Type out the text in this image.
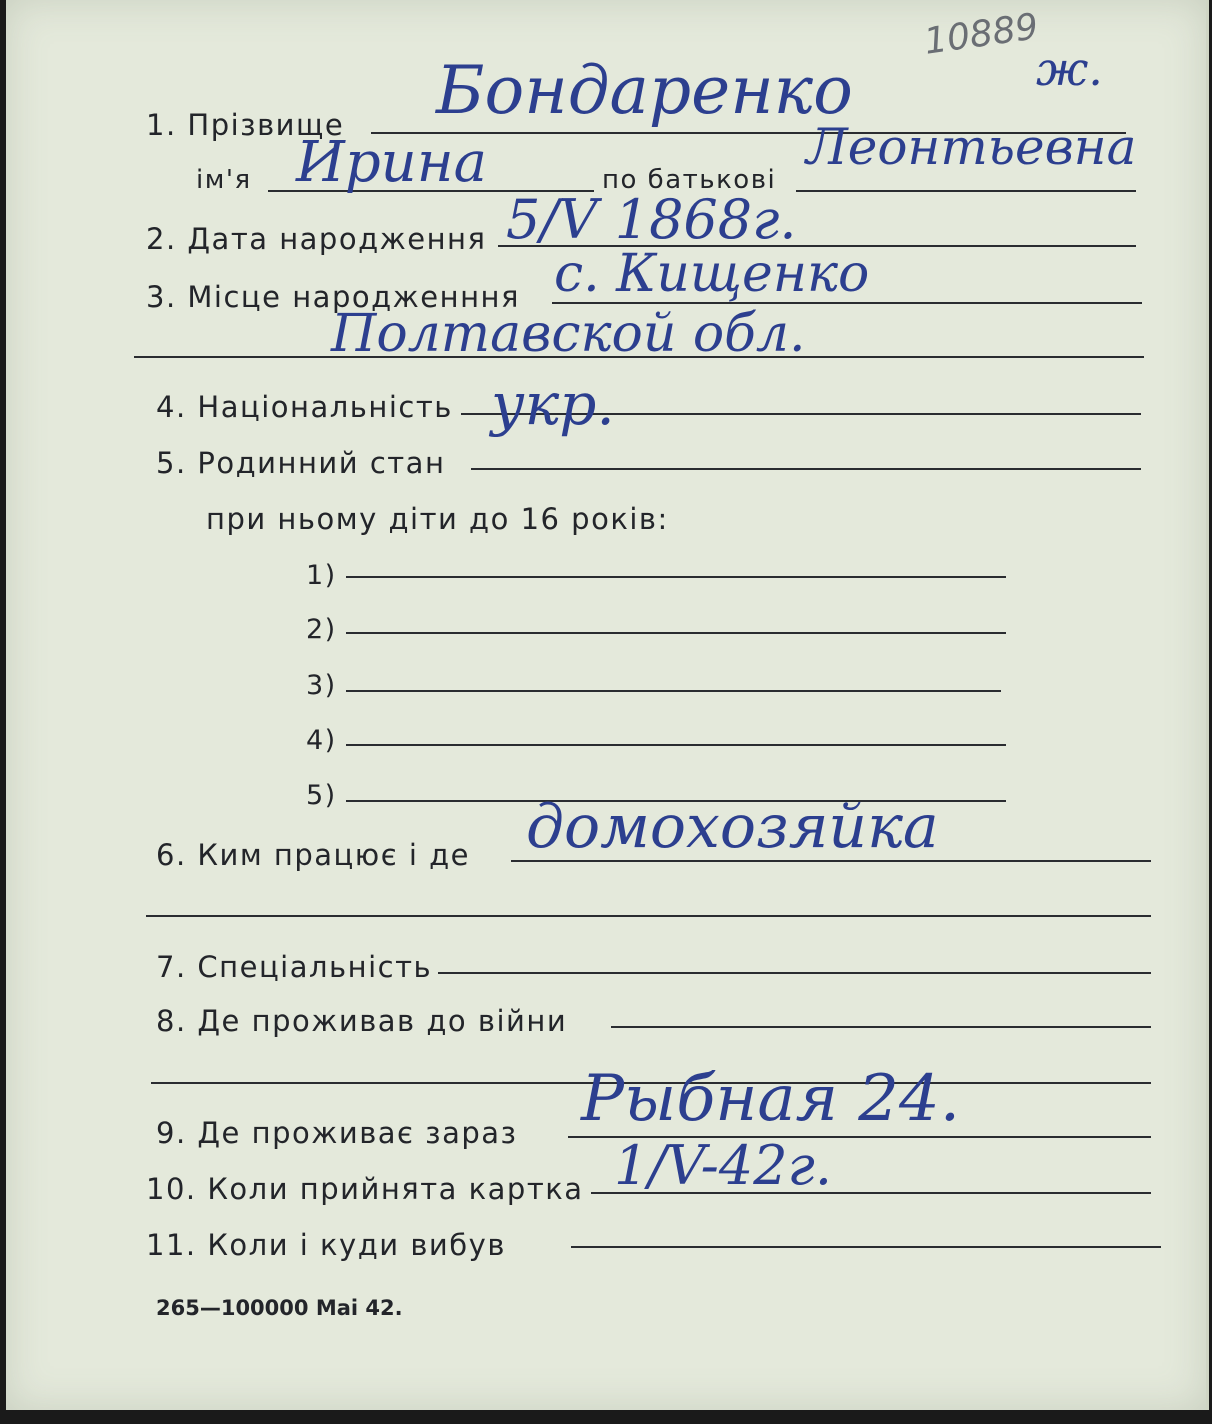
10889
1. Прізвище Бондаренко	ж.
ім'я Ирина	по батькові
Леонтьевна
2. Дата народження 5/V 1868г.
3. Місце народженння с. Кищенко
Полтавской обл.
4. Національність укр.
5. Родинний стан
при ньому діти до 16 років:
1)
2)
3)
4)
5)
6. Ким працює і де домохозяйка
7. Спеціальність
8. Де проживав до війни
9. Де проживає зараз Рыбная 24.
10. Коли прийнята картка 1/V-42г.
11. Коли і куди вибув
265—100000 Mai 42.
